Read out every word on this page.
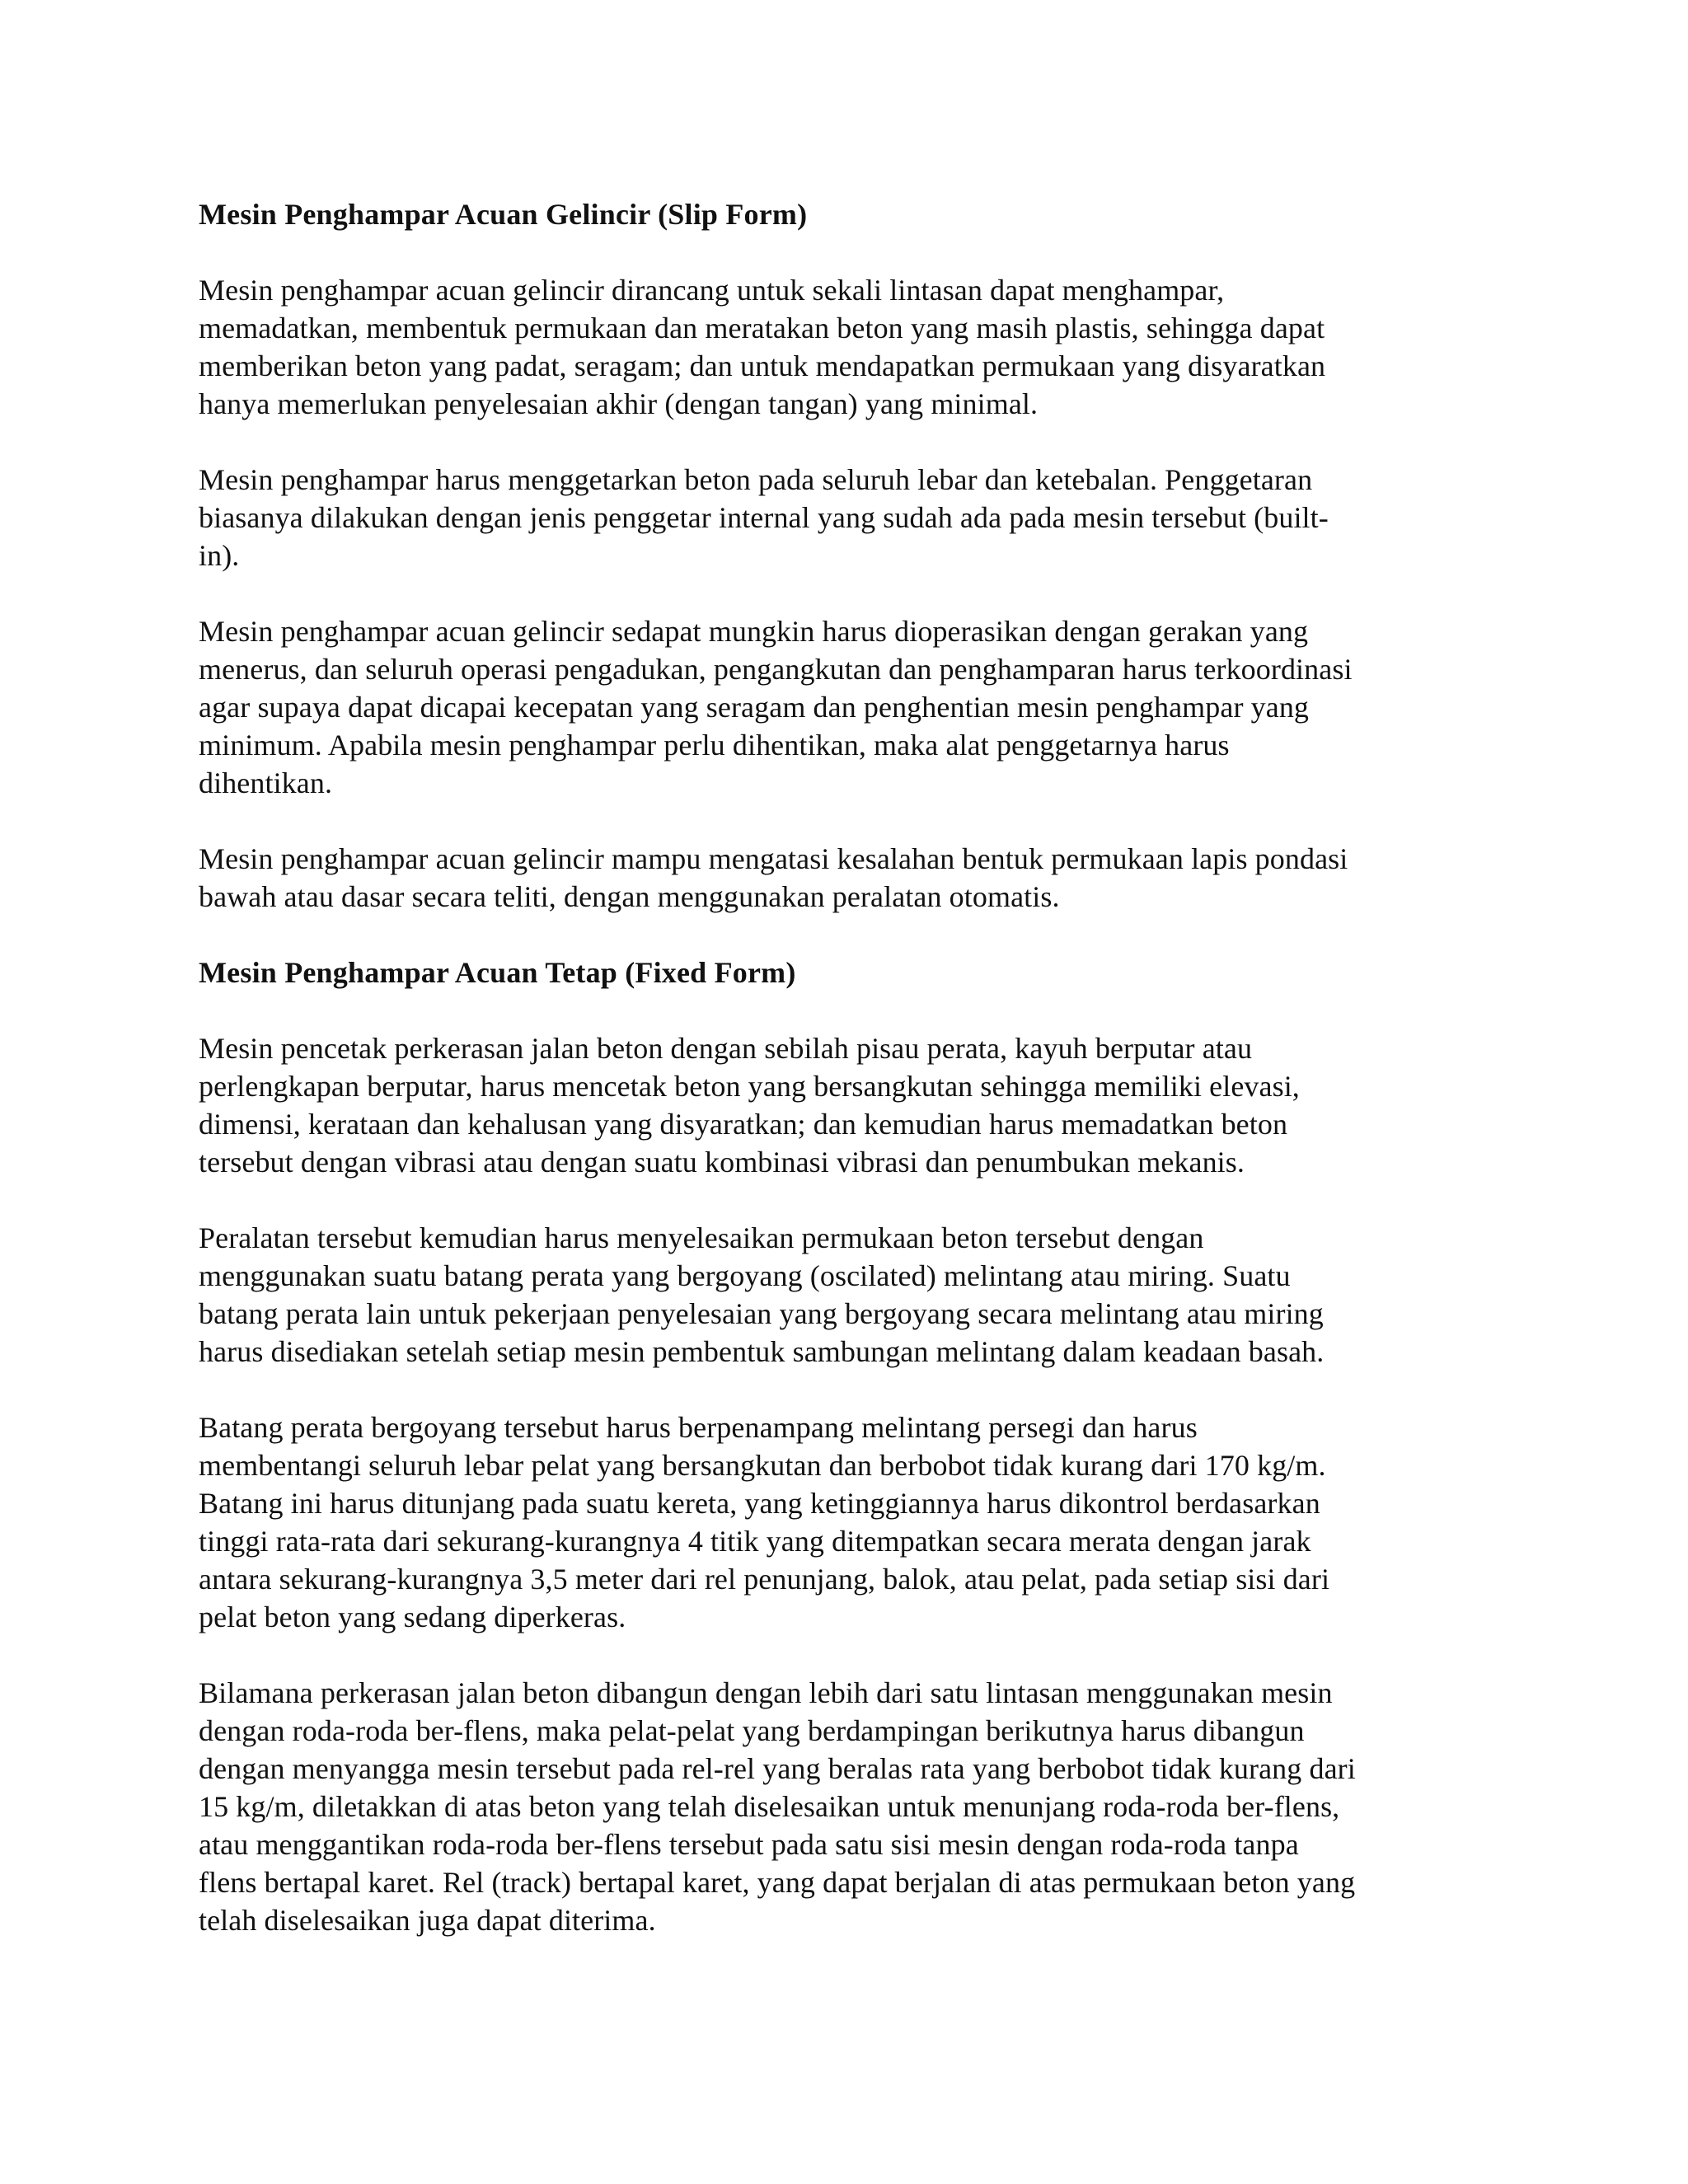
Mesin Penghampar Acuan Gelincir (Slip Form)

Mesin penghampar acuan gelincir dirancang untuk sekali lintasan dapat menghampar,
memadatkan, membentuk permukaan dan meratakan beton yang masih plastis, sehingga dapat
memberikan beton yang padat, seragam; dan untuk mendapatkan permukaan yang disyaratkan
hanya memerlukan penyelesaian akhir (dengan tangan) yang minimal.

Mesin penghampar harus menggetarkan beton pada seluruh lebar dan ketebalan. Penggetaran
biasanya dilakukan dengan jenis penggetar internal yang sudah ada pada mesin tersebut (built-
in).

Mesin penghampar acuan gelincir sedapat mungkin harus dioperasikan dengan gerakan yang
menerus, dan seluruh operasi pengadukan, pengangkutan dan penghamparan harus terkoordinasi
agar supaya dapat dicapai kecepatan yang seragam dan penghentian mesin penghampar yang
minimum. Apabila mesin penghampar perlu dihentikan, maka alat penggetarnya harus
dihentikan.

Mesin penghampar acuan gelincir mampu mengatasi kesalahan bentuk permukaan lapis pondasi
bawah atau dasar secara teliti, dengan menggunakan peralatan otomatis.

Mesin Penghampar Acuan Tetap (Fixed Form)

Mesin pencetak perkerasan jalan beton dengan sebilah pisau perata, kayuh berputar atau
perlengkapan berputar, harus mencetak beton yang bersangkutan sehingga memiliki elevasi,
dimensi, kerataan dan kehalusan yang disyaratkan; dan kemudian harus memadatkan beton
tersebut dengan vibrasi atau dengan suatu kombinasi vibrasi dan penumbukan mekanis.

Peralatan tersebut kemudian harus menyelesaikan permukaan beton tersebut dengan
menggunakan suatu batang perata yang bergoyang (oscilated) melintang atau miring. Suatu
batang perata lain untuk pekerjaan penyelesaian yang bergoyang secara melintang atau miring
harus disediakan setelah setiap mesin pembentuk sambungan melintang dalam keadaan basah.

Batang perata bergoyang tersebut harus berpenampang melintang persegi dan harus
membentangi seluruh lebar pelat yang bersangkutan dan berbobot tidak kurang dari 170 kg/m.
Batang ini harus ditunjang pada suatu kereta, yang ketinggiannya harus dikontrol berdasarkan
tinggi rata-rata dari sekurang-kurangnya 4 titik yang ditempatkan secara merata dengan jarak
antara sekurang-kurangnya 3,5 meter dari rel penunjang, balok, atau pelat, pada setiap sisi dari
pelat beton yang sedang diperkeras.

Bilamana perkerasan jalan beton dibangun dengan lebih dari satu lintasan menggunakan mesin
dengan roda-roda ber-flens, maka pelat-pelat yang berdampingan berikutnya harus dibangun
dengan menyangga mesin tersebut pada rel-rel yang beralas rata yang berbobot tidak kurang dari
15 kg/m, diletakkan di atas beton yang telah diselesaikan untuk menunjang roda-roda ber-flens,
atau menggantikan roda-roda ber-flens tersebut pada satu sisi mesin dengan roda-roda tanpa
flens bertapal karet. Rel (track) bertapal karet, yang dapat berjalan di atas permukaan beton yang
telah diselesaikan juga dapat diterima.
